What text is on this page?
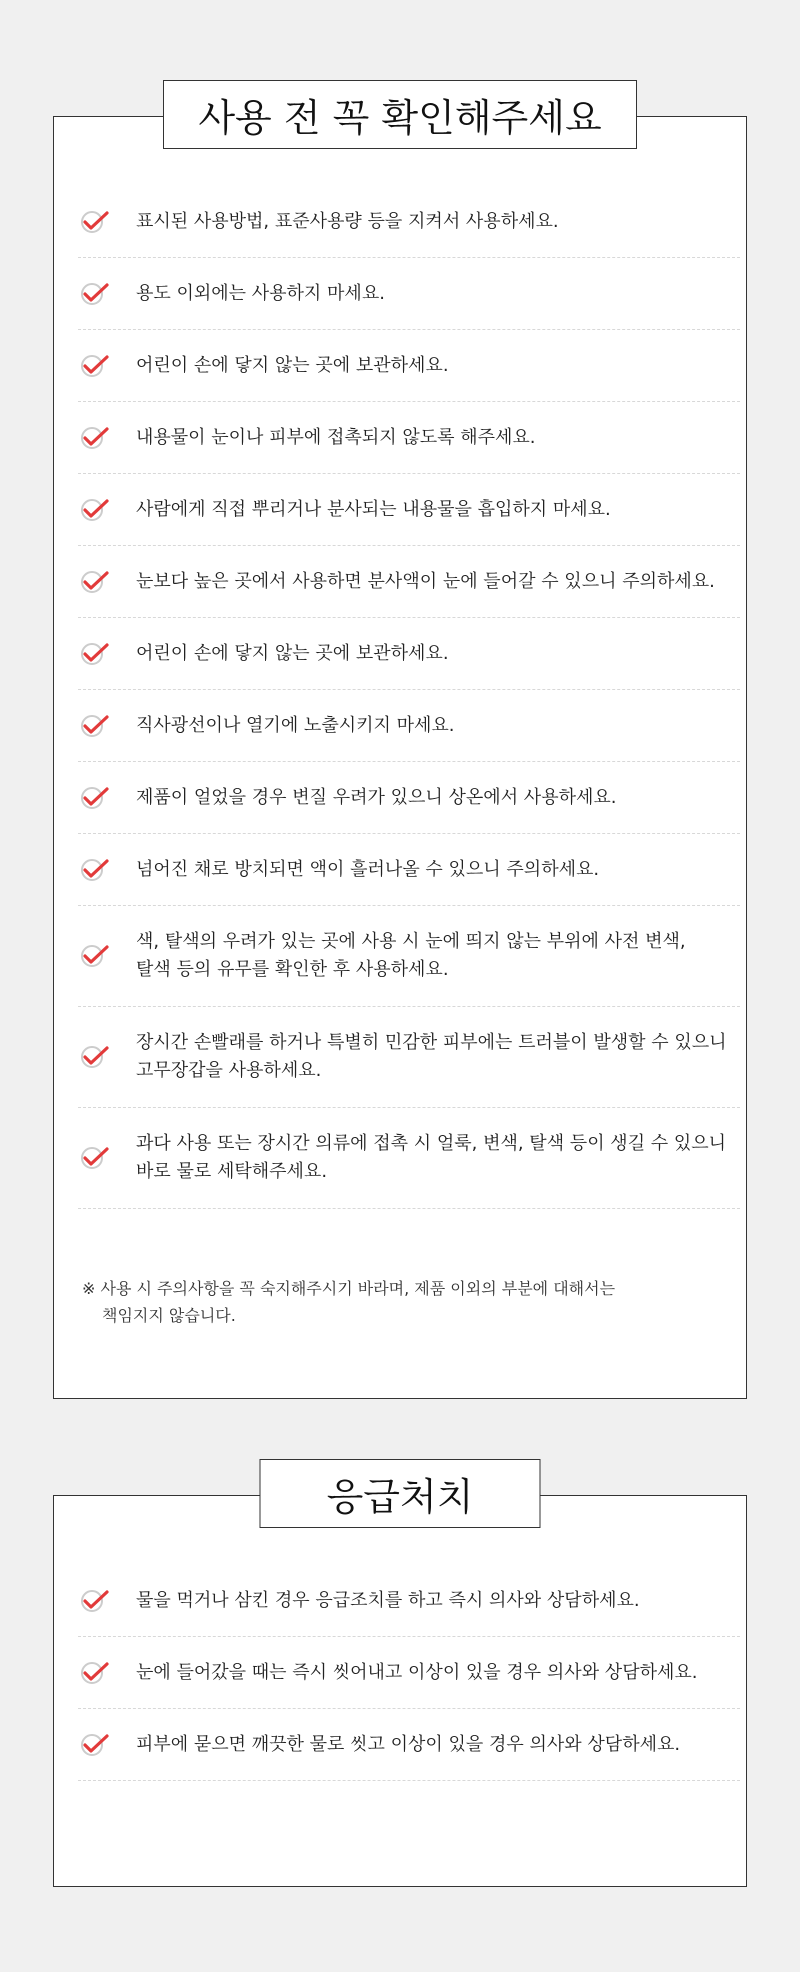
표시된 사용방법, 표준사용량 등을 지켜서 사용하세요.
용도 이외에는 사용하지 마세요.
어린이 손에 닿지 않는 곳에 보관하세요.
내용물이 눈이나 피부에 접촉되지 않도록 해주세요.
사람에게 직접 뿌리거나 분사되는 내용물을 흡입하지 마세요.
눈보다 높은 곳에서 사용하면 분사액이 눈에 들어갈 수 있으니 주의하세요.
어린이 손에 닿지 않는 곳에 보관하세요.
직사광선이나 열기에 노출시키지 마세요.
제품이 얼었을 경우 변질 우려가 있으니 상온에서 사용하세요.
넘어진 채로 방치되면 액이 흘러나올 수 있으니 주의하세요.
색, 탈색의 우려가 있는 곳에 사용 시 눈에 띄지 않는 부위에 사전 변색,
탈색 등의 유무를 확인한 후 사용하세요.
장시간 손빨래를 하거나 특별히 민감한 피부에는 트러블이 발생할 수 있으니
고무장갑을 사용하세요.
과다 사용 또는 장시간 의류에 접촉 시 얼룩, 변색, 탈색 등이 생길 수 있으니
바로 물로 세탁해주세요.

※ 사용 시 주의사항을 꼭 숙지해주시기 바라며, 제품 이외의 부분에 대해서는
책임지지 않습니다.

사용 전 꼭 확인해주세요
물을 먹거나 삼킨 경우 응급조치를 하고 즉시 의사와 상담하세요.
눈에 들어갔을 때는 즉시 씻어내고 이상이 있을 경우 의사와 상담하세요.
피부에 묻으면 깨끗한 물로 씻고 이상이 있을 경우 의사와 상담하세요.
응급처치
